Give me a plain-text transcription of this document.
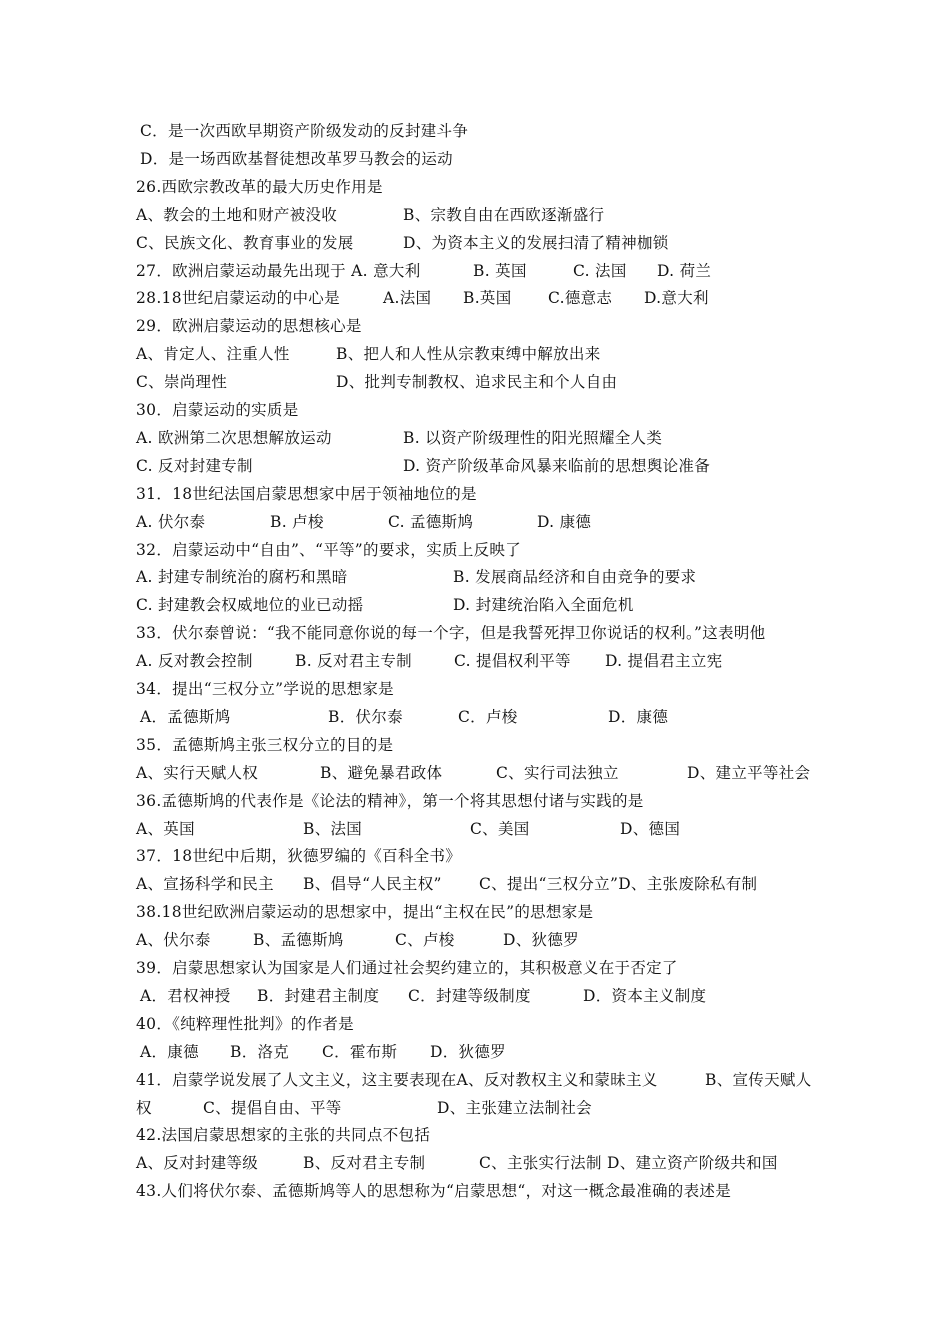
C．是一次西欧早期资产阶级发动的反封建斗争
D．是一场西欧基督徒想改革罗马教会的运动
26.西欧宗教改革的最大历史作用是
A、教会的土地和财产被没收	B、宗教自由在西欧逐渐盛行
C、民族文化、教育事业的发展	D、为资本主义的发展扫清了精神枷锁
27．欧洲启蒙运动最先出现于 A. 意大利	B. 英国	C. 法国 D. 荷兰
28.18世纪启蒙运动的中心是	A.法国 B.英国 C.德意志 D.意大利
29．欧洲启蒙运动的思想核心是
A、肯定人、注重人性	B、把人和人性从宗教束缚中解放出来
C、崇尚理性	D、批判专制教权、追求民主和个人自由
30．启蒙运动的实质是
A. 欧洲第二次思想解放运动	B. 以资产阶级理性的阳光照耀全人类
C. 反对封建专制	D. 资产阶级革命风暴来临前的思想舆论准备
31．18世纪法国启蒙思想家中居于领袖地位的是
A. 伏尔泰	B. 卢梭	C. 孟德斯鸠	D. 康德
32．启蒙运动中“自由”、“平等”的要求，实质上反映了
A. 封建专制统治的腐朽和黑暗	B. 发展商品经济和自由竞争的要求
C. 封建教会权威地位的业已动摇	D. 封建统治陷入全面危机
33．伏尔泰曾说：“我不能同意你说的每一个字，但是我誓死捍卫你说话的权利。”这表明他
A. 反对教会控制	B. 反对君主专制	C. 提倡权利平等 D. 提倡君主立宪
34．提出“三权分立”学说的思想家是
A．孟德斯鸠	B．伏尔泰	C．卢梭	D．康德
35．孟德斯鸠主张三权分立的目的是
A、实行天赋人权	B、避免暴君政体	C、实行司法独立	D、建立平等社会
36.孟德斯鸠的代表作是《论法的精神》，第一个将其思想付诸与实践的是
A、英国	B、法国	C、美国	D、德国
37．18世纪中后期，狄德罗编的《百科全书》
A、宣扬科学和民主 B、倡导“人民主权” C、提出“三权分立”D、主张废除私有制
38.18世纪欧洲启蒙运动的思想家中，提出“主权在民”的思想家是
A、伏尔泰	B、孟德斯鸠	C、卢梭	D、狄德罗
39．启蒙思想家认为国家是人们通过社会契约建立的，其积极意义在于否定了
A．君权神授 B．封建君主制度 C．封建等级制度	D．资本主义制度
40．《纯粹理性批判》的作者是
A．康德 B．洛克 C．霍布斯 D．狄德罗
41．启蒙学说发展了人文主义，这主要表现在A、反对教权主义和蒙昧主义	B、宣传天赋人
权	C、提倡自由、平等	D、主张建立法制社会
42.法国启蒙思想家的主张的共同点不包括
A、反对封建等级	B、反对君主专制	C、主张实行法制 D、建立资产阶级共和国
43.人们将伏尔泰、孟德斯鸠等人的思想称为“启蒙思想“，对这一概念最准确的表述是
